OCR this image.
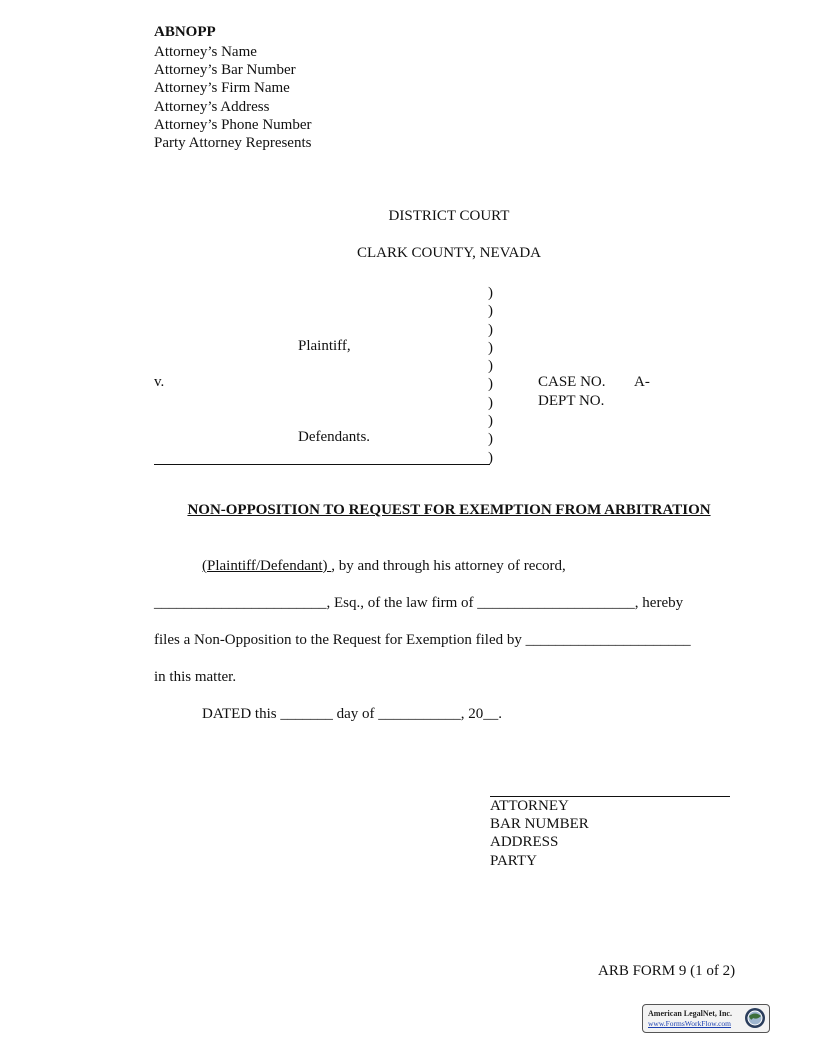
ABNOPP
Attorney’s Name
Attorney’s Bar Number
Attorney’s Firm Name
Attorney’s Address
Attorney’s Phone Number
Party Attorney Represents
DISTRICT COURT
CLARK COUNTY, NEVADA
)
)
)
)
)
)
)
)
)
)
Plaintiff,
v.
Defendants.
CASE NO. A-
DEPT NO.
NON-OPPOSITION TO REQUEST FOR EXEMPTION FROM ARBITRATION
(Plaintiff/Defendant) , by and through his attorney of record,
_______________________, Esq., of the law firm of _____________________, hereby
files a Non-Opposition to the Request for Exemption filed by ______________________
in this matter.
DATED this _______ day of ___________, 20__.
ATTORNEY
BAR NUMBER
ADDRESS
PARTY
ARB FORM 9 (1 of 2)
American LegalNet, Inc.
www.FormsWorkFlow.com
